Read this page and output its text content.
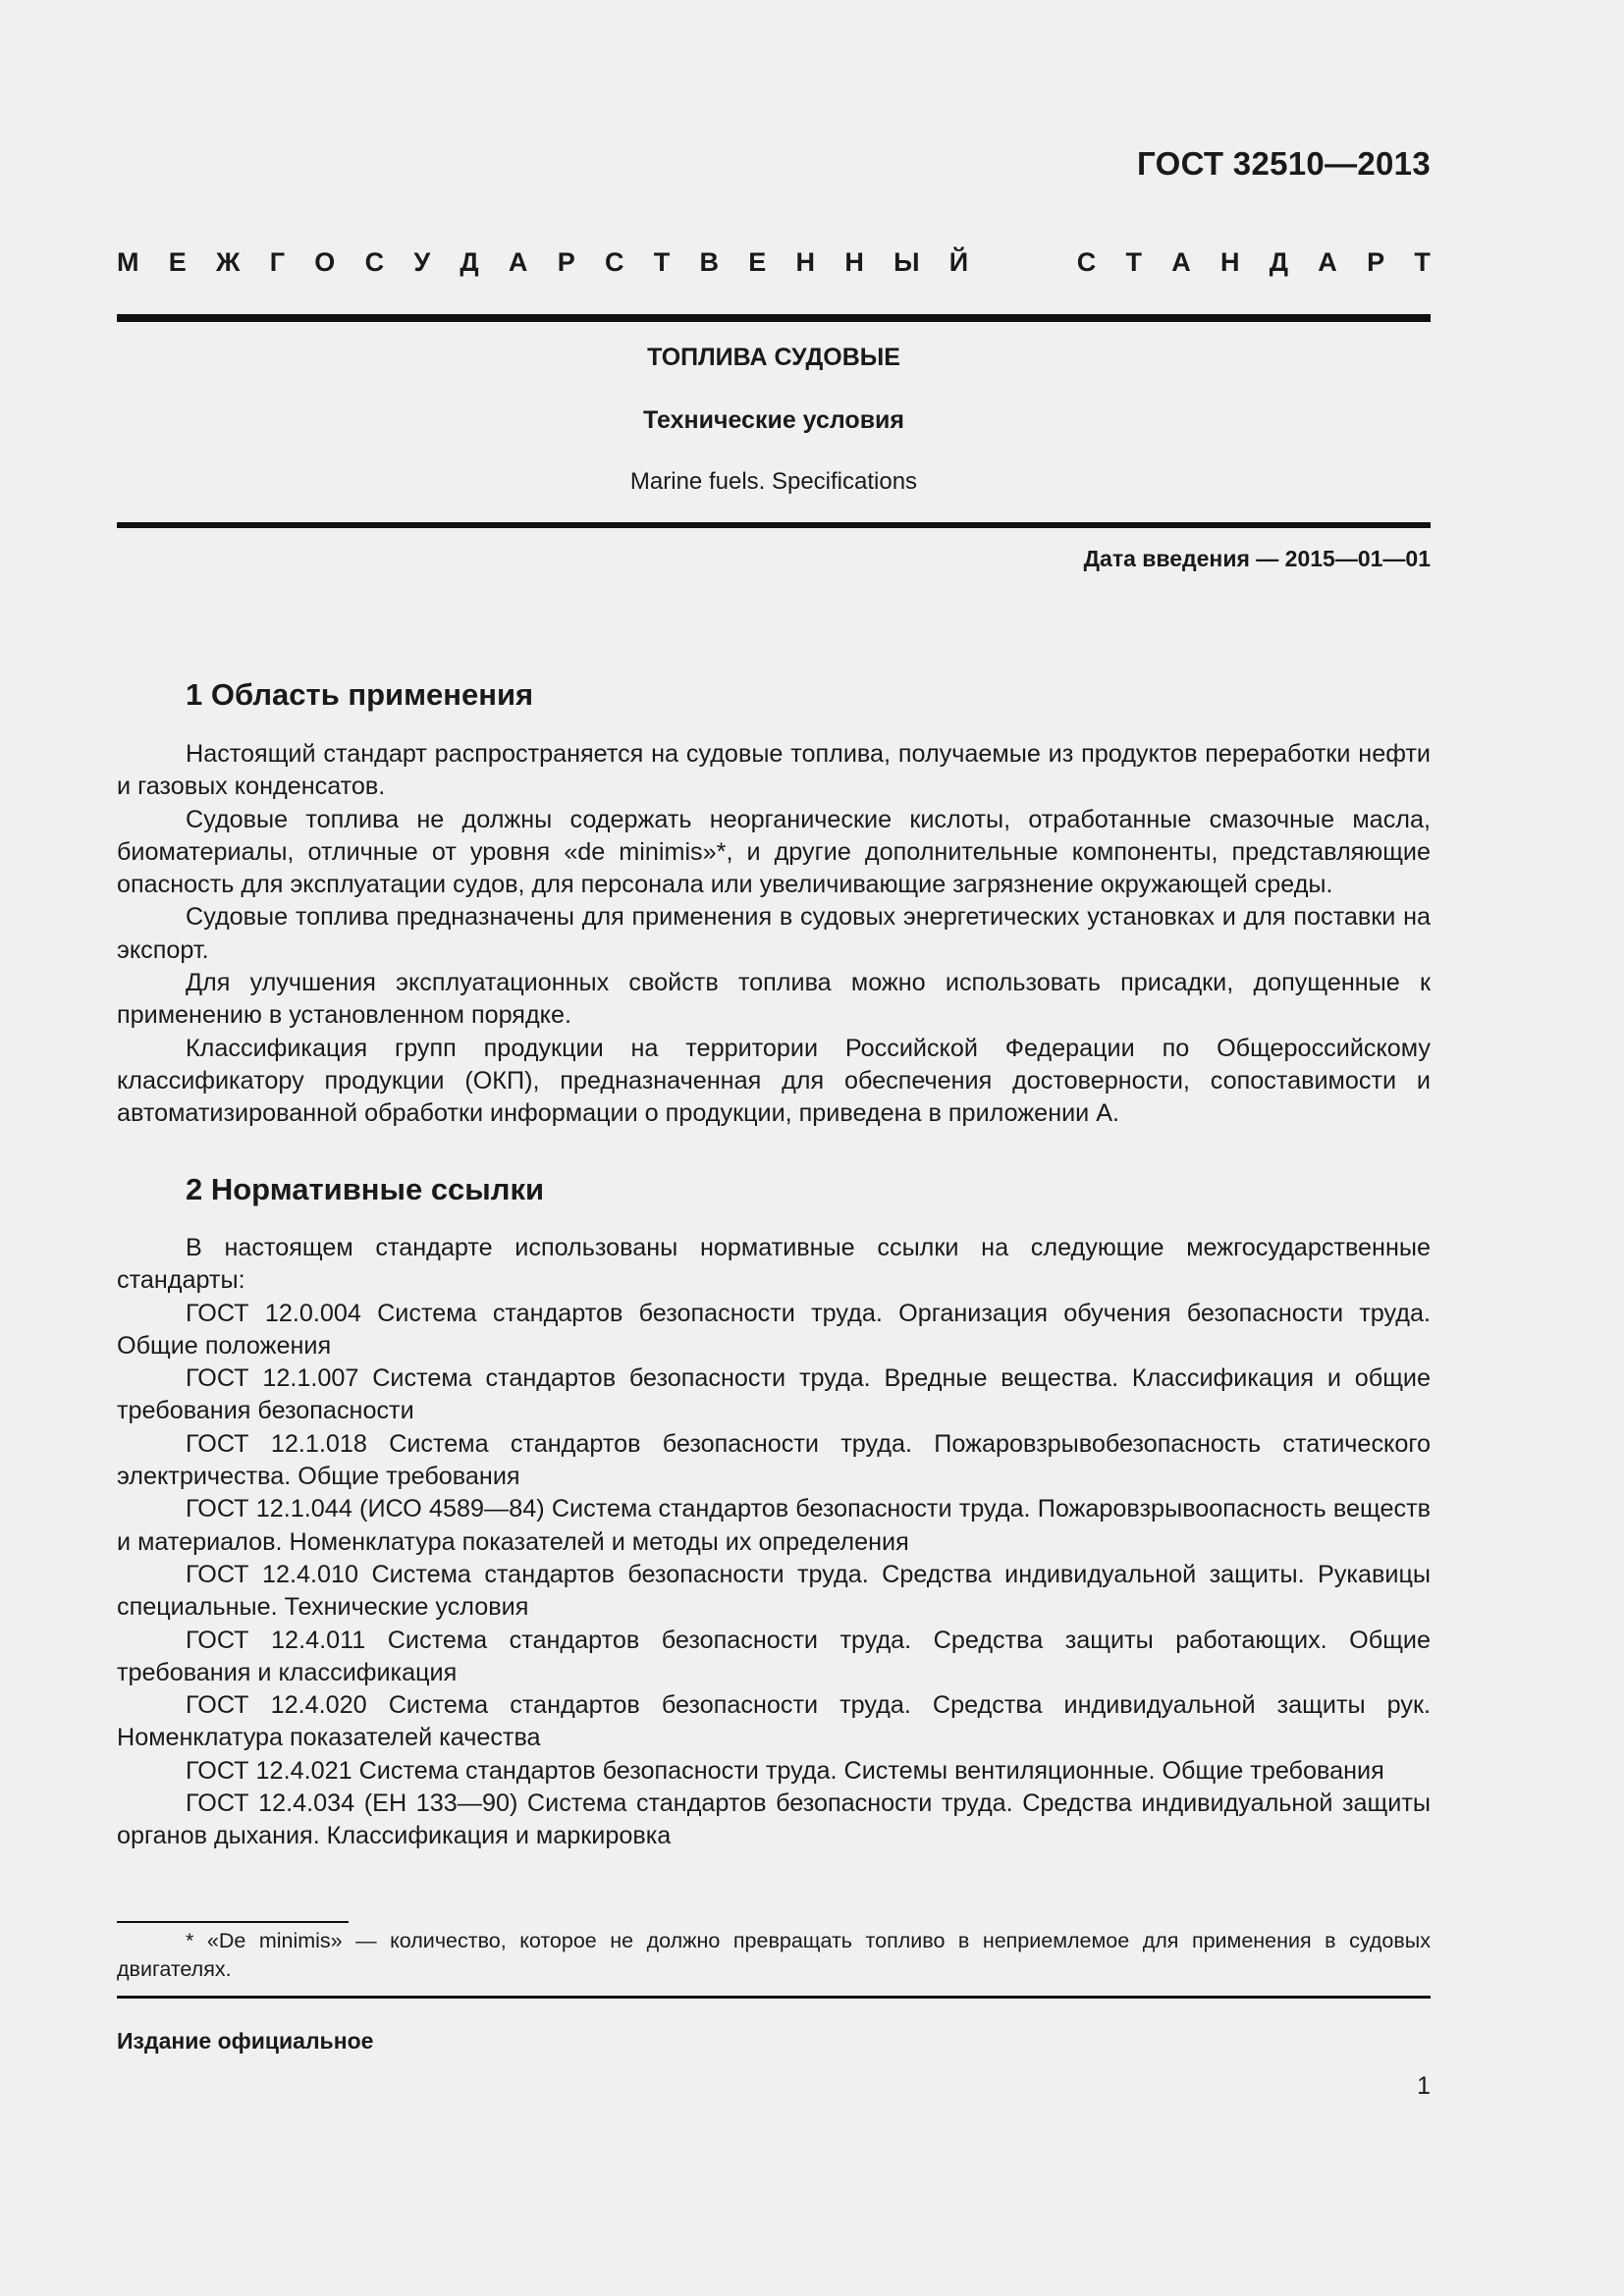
ГОСТ 32510—2013
М Е Ж Г О С У Д А Р С Т В Е Н Н Ы Й	С Т А Н Д А Р Т
ТОПЛИВА СУДОВЫЕ
Технические условия
Marine fuels. Specifications
Дата введения — 2015—01—01
1 Область применения

Настоящий стандарт распространяется на судовые топлива, получаемые из продуктов переработки нефти и газовых конденсатов.

Судовые топлива не должны содержать неорганические кислоты, отработанные смазочные масла, биоматериалы, отличные от уровня «de minimis»*, и другие дополнительные компоненты, представляющие опасность для эксплуатации судов, для персонала или увеличивающие загрязнение окружающей среды.

Судовые топлива предназначены для применения в судовых энергетических установках и для поставки на экспорт.

Для улучшения эксплуатационных свойств топлива можно использовать присадки, допущенные к применению в установленном порядке.

Классификация групп продукции на территории Российской Федерации по Общероссийскому классификатору продукции (ОКП), предназначенная для обеспечения достоверности, сопоставимости и автоматизированной обработки информации о продукции, приведена в приложении А.

2 Нормативные ссылки

В настоящем стандарте использованы нормативные ссылки на следующие межгосударственные стандарты:

ГОСТ 12.0.004 Система стандартов безопасности труда. Организация обучения безопасности труда. Общие положения

ГОСТ 12.1.007 Система стандартов безопасности труда. Вредные вещества. Классификация и общие требования безопасности

ГОСТ 12.1.018 Система стандартов безопасности труда. Пожаровзрывобезопасность статического электричества. Общие требования

ГОСТ 12.1.044 (ИСО 4589—84) Система стандартов безопасности труда. Пожаровзрывоопасность веществ и материалов. Номенклатура показателей и методы их определения

ГОСТ 12.4.010 Система стандартов безопасности труда. Средства индивидуальной защиты. Рукавицы специальные. Технические условия

ГОСТ 12.4.011 Система стандартов безопасности труда. Средства защиты работающих. Общие требования и классификация

ГОСТ 12.4.020 Система стандартов безопасности труда. Средства индивидуальной защиты рук. Номенклатура показателей качества

ГОСТ 12.4.021 Система стандартов безопасности труда. Системы вентиляционные. Общие требования

ГОСТ 12.4.034 (ЕН 133—90) Система стандартов безопасности труда. Средства индивидуальной защиты органов дыхания. Классификация и маркировка

* «De minimis» — количество, которое не должно превращать топливо в неприемлемое для применения в судовых двигателях.

Издание официальное
1
